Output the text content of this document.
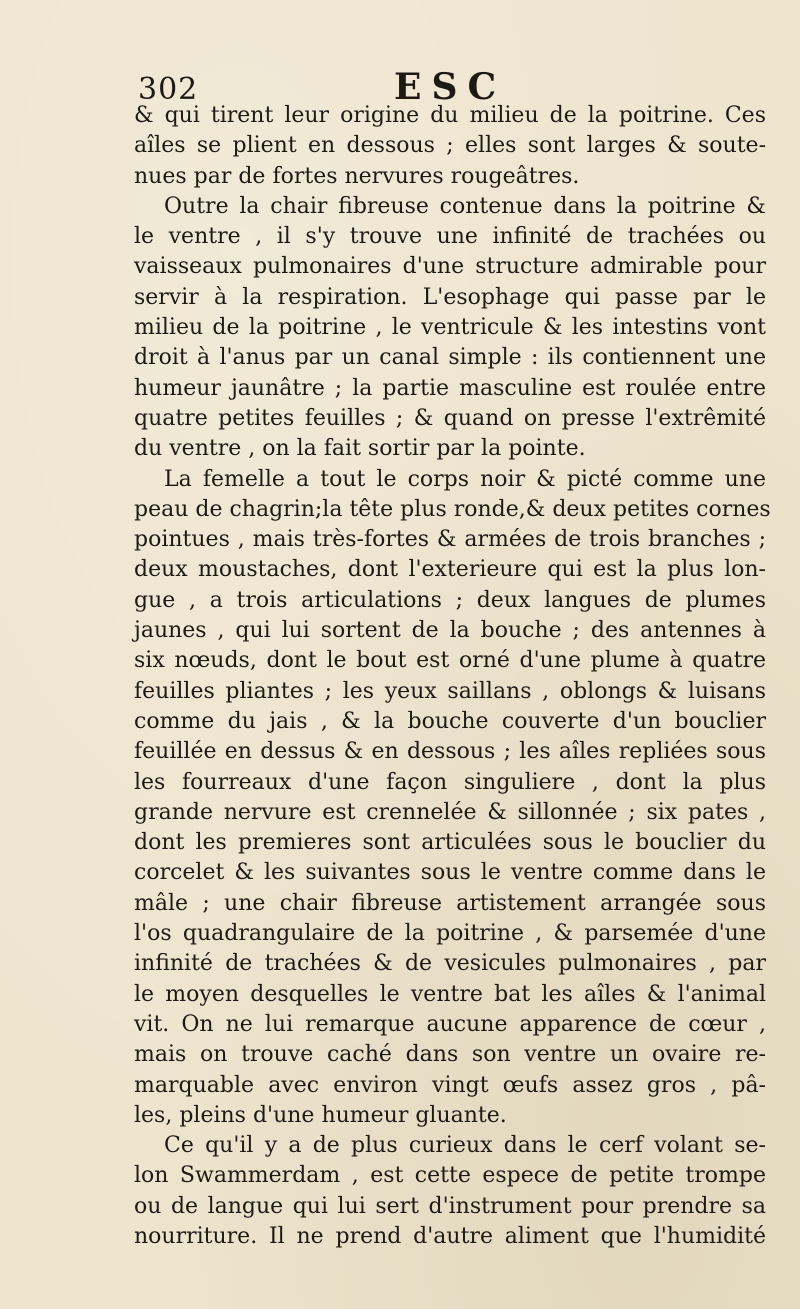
302	ESC
& qui tirent leur origine du milieu de la poitrine. Ces
aîles se plient en dessous ; elles sont larges & soute-
nues par de fortes nervures rougeâtres.
Outre la chair fibreuse contenue dans la poitrine &
le ventre , il s'y trouve une infinité de trachées ou
vaisseaux pulmonaires d'une structure admirable pour
servir à la respiration. L'esophage qui passe par le
milieu de la poitrine , le ventricule & les intestins vont
droit à l'anus par un canal simple : ils contiennent une
humeur jaunâtre ; la partie masculine est roulée entre
quatre petites feuilles ; & quand on presse l'extrêmité
du ventre , on la fait sortir par la pointe.
La femelle a tout le corps noir & picté comme une
peau de chagrin;la tête plus ronde,& deux petites cornes
pointues , mais très-fortes & armées de trois branches ;
deux moustaches, dont l'exterieure qui est la plus lon-
gue , a trois articulations ; deux langues de plumes
jaunes , qui lui sortent de la bouche ; des antennes à
six nœuds, dont le bout est orné d'une plume à quatre
feuilles pliantes ; les yeux saillans , oblongs & luisans
comme du jais , & la bouche couverte d'un bouclier
feuillée en dessus & en dessous ; les aîles repliées sous
les fourreaux d'une façon singuliere , dont la plus
grande nervure est crennelée & sillonnée ; six pates ,
dont les premieres sont articulées sous le bouclier du
corcelet & les suivantes sous le ventre comme dans le
mâle ; une chair fibreuse artistement arrangée sous
l'os quadrangulaire de la poitrine , & parsemée d'une
infinité de trachées & de vesicules pulmonaires , par
le moyen desquelles le ventre bat les aîles & l'animal
vit. On ne lui remarque aucune apparence de cœur ,
mais on trouve caché dans son ventre un ovaire re-
marquable avec environ vingt œufs assez gros , pâ-
les, pleins d'une humeur gluante.
Ce qu'il y a de plus curieux dans le cerf volant se-
lon Swammerdam , est cette espece de petite trompe
ou de langue qui lui sert d'instrument pour prendre sa
nourriture. Il ne prend d'autre aliment que l'humidité
